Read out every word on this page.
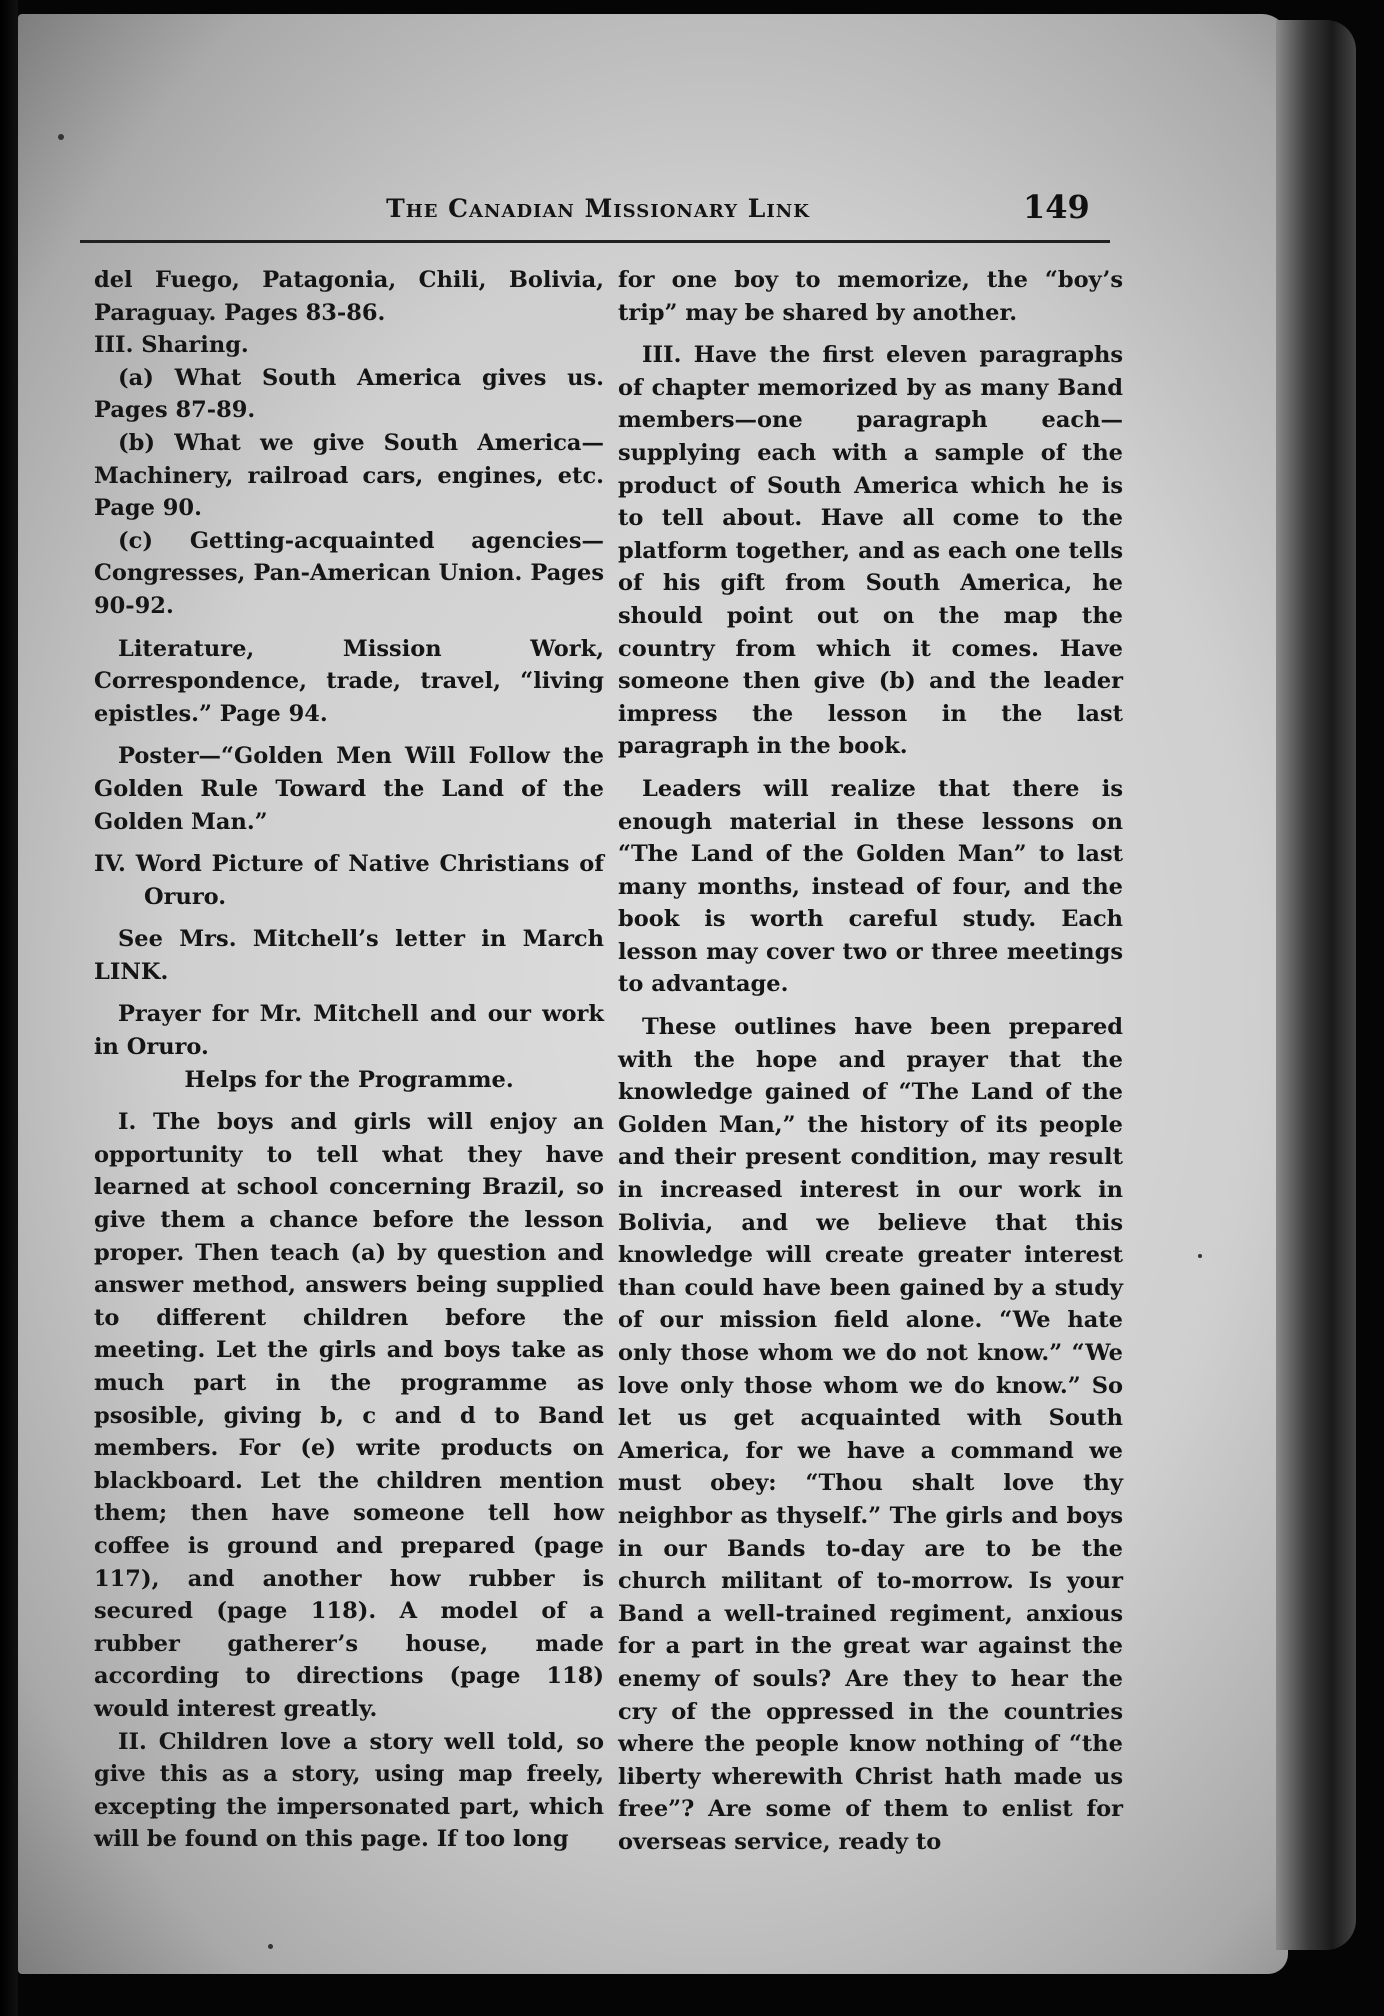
The Canadian Missionary Link	149

del Fuego, Patagonia, Chili, Bolivia, Paraguay. Pages 83-86.

III. Sharing.

(a) What South America gives us. Pages 87-89.

(b) What we give South America—Machinery, railroad cars, engines, etc. Page 90.

(c) Getting-acquainted agencies—Congresses, Pan-American Union. Pages 90-92.

Literature, Mission Work, Correspondence, trade, travel, “living epistles.” Page 94.

Poster—“Golden Men Will Follow the Golden Rule Toward the Land of the Golden Man.”

IV. Word Picture of Native Christians of Oruro.

See Mrs. Mitchell’s letter in March LINK.

Prayer for Mr. Mitchell and our work in Oruro.

Helps for the Programme.

I. The boys and girls will enjoy an opportunity to tell what they have learned at school concerning Brazil, so give them a chance before the lesson proper. Then teach (a) by question and answer method, answers being supplied to different children before the meeting. Let the girls and boys take as much part in the programme as psosible, giving b, c and d to Band members. For (e) write products on blackboard. Let the children mention them; then have someone tell how coffee is ground and prepared (page 117), and another how rubber is secured (page 118). A model of a rubber gatherer’s house, made according to directions (page 118) would interest greatly.

II. Children love a story well told, so give this as a story, using map freely, excepting the impersonated part, which will be found on this page. If too long

for one boy to memorize, the “boy’s trip” may be shared by another.

III. Have the first eleven paragraphs of chapter memorized by as many Band members—one paragraph each—supplying each with a sample of the product of South America which he is to tell about. Have all come to the platform together, and as each one tells of his gift from South America, he should point out on the map the country from which it comes. Have someone then give (b) and the leader impress the lesson in the last paragraph in the book.

Leaders will realize that there is enough material in these lessons on “The Land of the Golden Man” to last many months, instead of four, and the book is worth careful study. Each lesson may cover two or three meetings to advantage.

These outlines have been prepared with the hope and prayer that the knowledge gained of “The Land of the Golden Man,” the history of its people and their present condition, may result in increased interest in our work in Bolivia, and we believe that this knowledge will create greater interest than could have been gained by a study of our mission field alone. “We hate only those whom we do not know.” “We love only those whom we do know.” So let us get acquainted with South America, for we have a command we must obey: “Thou shalt love thy neighbor as thyself.” The girls and boys in our Bands to-day are to be the church militant of to-morrow. Is your Band a well-trained regiment, anxious for a part in the great war against the enemy of souls? Are they to hear the cry of the oppressed in the countries where the people know nothing of “the liberty wherewith Christ hath made us free”? Are some of them to enlist for overseas service, ready to
